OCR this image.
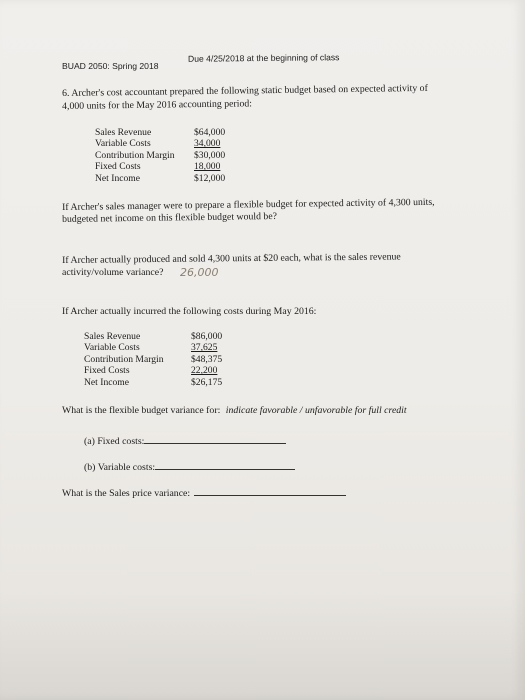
BUAD 2050: Spring 2018
Due 4/25/2018 at the beginning of class
6. Archer's cost accountant prepared the following static budget based on expected activity of
4,000 units for the May 2016 accounting period:
Sales Revenue	$64,000
Variable Costs	34,000
Contribution Margin $30,000
Fixed Costs	18,000
Net Income	$12,000
If Archer's sales manager were to prepare a flexible budget for expected activity of 4,300 units,
budgeted net income on this flexible budget would be?
If Archer actually produced and sold 4,300 units at $20 each, what is the sales revenue
activity/volume variance? 26,000
If Archer actually incurred the following costs during May 2016:
Sales Revenue	$86,000
Variable Costs	37,625
Contribution Margin	$48,375
Fixed Costs	22,200
Net Income	$26,175
What is the flexible budget variance for: indicate favorable / unfavorable for full credit
(a) Fixed costs:
(b) Variable costs:
What is the Sales price variance:
